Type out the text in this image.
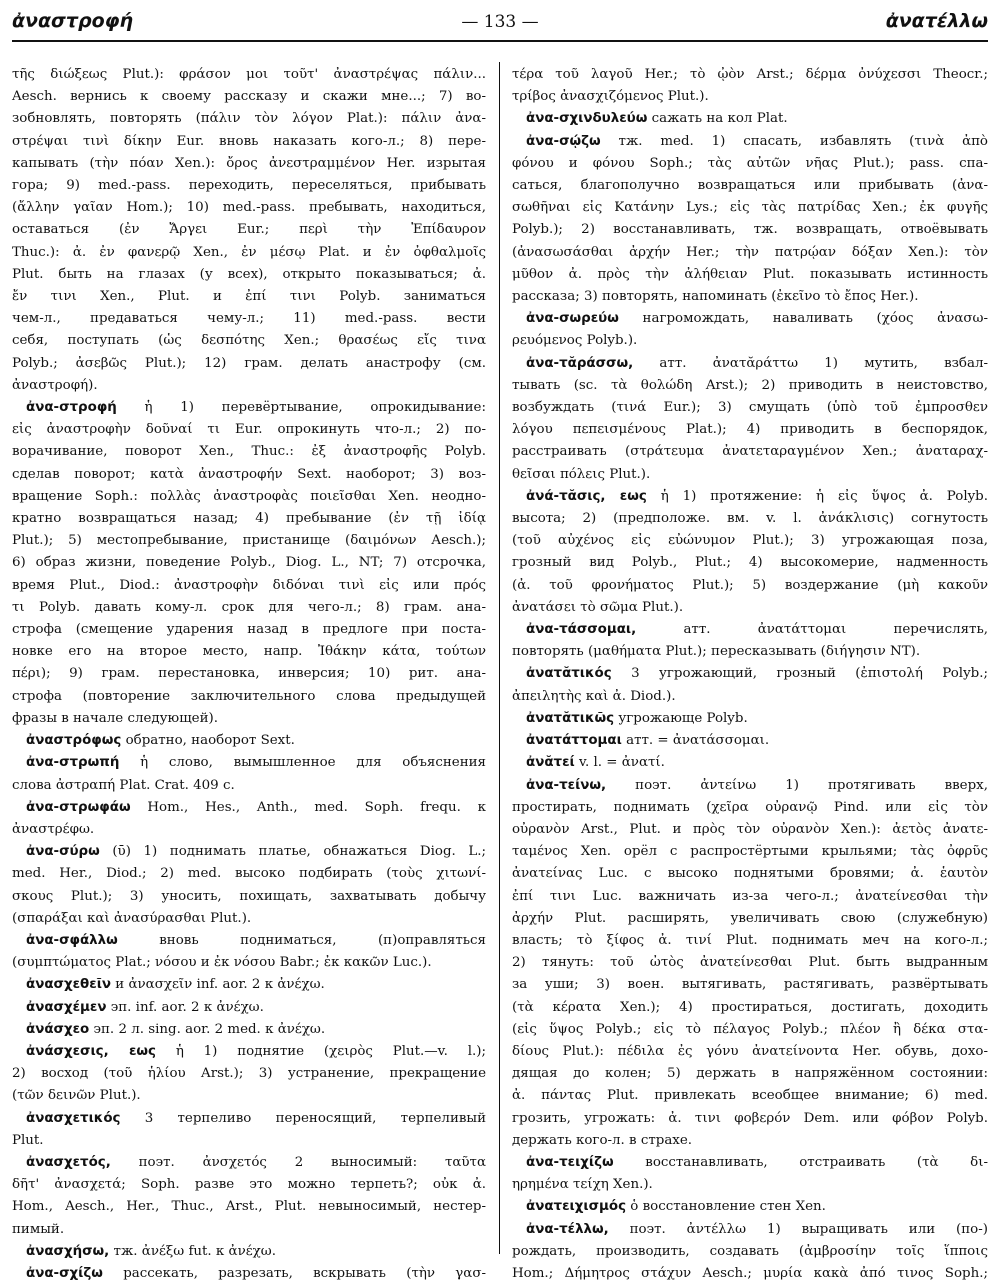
ἀναστροφή	— 133 —	ἀνατέλλω
τῆς διώξεως Plut.): φράσον μοι τοῦτ' ἀναστρέψας πάλιν...
Aesch. вернись к своему рассказу и скажи мне...; 7) во-
зобновлять, повторять (πάλιν τὸν λόγον Plat.): πάλιν ἀνα-
στρέψαι τινὶ δίκην Eur. вновь наказать кого-л.; 8) пере-
капывать (τὴν πόαν Xen.): ὄρος ἀνεστραμμένον Her. изрытая
гора; 9) med.-pass. переходить, переселяться, прибывать
(ἄλλην γαῖαν Hom.); 10) med.-pass. пребывать, находиться,
оставаться (ἐν Ἄργει Eur.; περὶ τὴν Ἐπίδαυρον
Thuc.): ἀ. ἐν φανερῷ Xen., ἐν μέσῳ Plat. и ἐν ὀφθαλμοῖς
Plut. быть на глазах (у всех), открыто показываться; ἀ.
ἔν τινι Xen., Plut. и ἐπί τινι Polyb. заниматься
чем-л., предаваться чему-л.; 11) med.-pass. вести
себя, поступать (ὡς δεσπότης Xen.; θρασέως εἴς τινα
Polyb.; ἀσεβῶς Plut.); 12) грам. делать анастрофу (см.
ἀναστροφή).
ἀνα-στροφή ἡ 1) перевёртывание, опрокидывание:
εἰς ἀναστροφὴν δοῦναί τι Eur. опрокинуть что-л.; 2) по-
ворачивание, поворот Xen., Thuc.: ἐξ ἀναστροφῆς Polyb.
сделав поворот; κατὰ ἀναστροφήν Sext. наоборот; 3) воз-
вращение Soph.: πολλὰς ἀναστροφὰς ποιεῖσθαι Xen. неодно-
кратно возвращаться назад; 4) пребывание (ἐν τῇ ἰδίᾳ
Plut.); 5) местопребывание, пристанище (δαιμόνων Aesch.);
6) образ жизни, поведение Polyb., Diog. L., NT; 7) отсрочка,
время Plut., Diod.: ἀναστροφὴν διδόναι τινὶ εἰς или πρός
τι Polyb. давать кому-л. срок для чего-л.; 8) грам. ана-
строфа (смещение ударения назад в предлоге при поста-
новке его на второе место, напр. Ἰθάκην κάτα, τούτων
πέρι); 9) грам. перестановка, инверсия; 10) рит. ана-
строфа (повторение заключительного слова предыдущей
фразы в начале следующей).
ἀναστρόφως обратно, наоборот Sext.
ἀνα-στρωπή ἡ слово, вымышленное для объяснения
слова ἀστραπή Plat. Crat. 409 c.
ἀνα-στρωφάω Hom., Hes., Anth., med. Soph. frequ. к
ἀναστρέφω.
ἀνα-σύρω (ῡ) 1) поднимать платье, обнажаться Diog. L.;
med. Her., Diod.; 2) med. высоко подбирать (τοὺς χιτωνί-
σκους Plut.); 3) уносить, похищать, захватывать добычу
(σπαράξαι καὶ ἀνασύρασθαι Plut.).
ἀνα-σφάλλω вновь подниматься, (п)оправляться
(συμπτώματος Plat.; νόσου и ἐκ νόσου Babr.; ἐκ κακῶν Luc.).
ἀνασχεθεῖν и ἀνασχεῖν inf. aor. 2 к ἀνέχω.
ἀνασχέμεν эп. inf. aor. 2 к ἀνέχω.
ἀνάσχεο эп. 2 л. sing. aor. 2 med. к ἀνέχω.
ἀνάσχεσις, εως ἡ 1) поднятие (χειρὸς Plut.—v. l.);
2) восход (τοῦ ἡλίου Arst.); 3) устранение, прекращение
(τῶν δεινῶν Plut.).
ἀνασχετικός 3 терпеливо переносящий, терпеливый
Plut.
ἀνασχετός, поэт. ἀνσχετός 2 выносимый: ταῦτα
δῆτ' ἀνασχετά; Soph. разве это можно терпеть?; οὐκ ἀ.
Hom., Aesch., Her., Thuc., Arst., Plut. невыносимый, нестер-
пимый.
ἀνασχήσω, тж. ἀνέξω fut. к ἀνέχω.
ἀνα-σχίζω рассекать, разрезать, вскрывать (τὴν γασ-
τέρα τοῦ λαγοῦ Her.; τὸ ᾠὸν Arst.; δέρμα ὀνύχεσσι Theocr.;
τρίβος ἀνασχιζόμενος Plut.).
ἀνα-σχινδυλεύω сажать на кол Plat.
ἀνα-σῴζω тж. med. 1) спасать, избавлять (τινὰ ἀπὸ
φόνου и φόνου Soph.; τὰς αὐτῶν νῆας Plut.); pass. спа-
саться, благополучно возвращаться или прибывать (ἀνα-
σωθῆναι εἰς Κατάνην Lys.; εἰς τὰς πατρίδας Xen.; ἐκ φυγῆς
Polyb.); 2) восстанавливать, тж. возвращать, отвоёвывать
(ἀνασωσάσθαι ἀρχήν Her.; τὴν πατρῴαν δόξαν Xen.): τὸν
μῦθον ἀ. πρὸς τὴν ἀλήθειαν Plut. показывать истинность
рассказа; 3) повторять, напоминать (ἐκεῖνο τὸ ἔπος Her.).
ἀνα-σωρεύω нагромождать, наваливать (χόος ἀνασω-
ρευόμενος Polyb.).
ἀνα-τᾰράσσω, атт. ἀνατᾰράττω 1) мутить, взбал-
тывать (sc. τὰ θολώδη Arst.); 2) приводить в неистовство,
возбуждать (τινά Eur.); 3) смущать (ὑπὸ τοῦ ἐμπροσθεν
λόγου πεπεισμένους Plat.); 4) приводить в беспорядок,
расстраивать (στράτευμα ἀνατεταραγμένον Xen.; ἀναταραχ-
θεῖσαι πόλεις Plut.).
ἀνά-τᾰσις, εως ἡ 1) протяжение: ἡ εἰς ὕψος ἀ. Polyb.
высота; 2) (предположе. вм. v. l. ἀνάκλισις) согнутость
(τοῦ αὐχένος εἰς εὐώνυμον Plut.); 3) угрожающая поза,
грозный вид Polyb., Plut.; 4) высокомерие, надменность
(ἀ. τοῦ φρονήματος Plut.); 5) воздержание (μὴ κακοῦν
ἀνατάσει τὸ σῶμα Plut.).
ἀνα-τάσσομαι, атт. ἀνατάττομαι перечислять,
повторять (μαθήματα Plut.); пересказывать (διήγησιν NT).
ἀνατᾰτικός 3 угрожающий, грозный (ἐπιστολή Polyb.;
ἀπειλητὴς καὶ ἀ. Diod.).
ἀνατᾰτικῶς угрожающе Polyb.
ἀνατάττομαι атт. = ἀνατάσσομαι.
ἀνᾰτεί v. l. = ἀνατί.
ἀνα-τείνω, поэт. ἀντείνω 1) протягивать вверх,
простирать, поднимать (χεῖρα οὐρανῷ Pind. или εἰς τὸν
οὐρανὸν Arst., Plut. и πρὸς τὸν οὐρανὸν Xen.): ἀετὸς ἀνατε-
ταμένος Xen. орёл с распростёртыми крыльями; τὰς ὀφρῦς
ἀνατείνας Luc. с высоко поднятыми бровями; ἀ. ἑαυτὸν
ἐπί τινι Luc. важничать из-за чего-л.; ἀνατείνεσθαι τὴν
ἀρχήν Plut. расширять, увеличивать свою (служебную)
власть; τὸ ξίφος ἀ. τινί Plut. поднимать меч на кого-л.;
2) тянуть: τοῦ ὠτὸς ἀνατείνεσθαι Plut. быть выдранным
за уши; 3) воен. вытягивать, растягивать, развёртывать
(τὰ κέρατα Xen.); 4) простираться, достигать, доходить
(εἰς ὕψος Polyb.; εἰς τὸ πέλαγος Polyb.; πλέον ἢ δέκα στα-
δίους Plut.): πέδιλα ἐς γόνυ ἀνατείνοντα Her. обувь, дохо-
дящая до колен; 5) держать в напряжённом состоянии:
ἀ. πάντας Plut. привлекать всеобщее внимание; 6) med.
грозить, угрожать: ἀ. τινι φοβερόν Dem. или φόβον Polyb.
держать кого-л. в страхе.
ἀνα-τειχίζω восстанавливать, отстраивать (τὰ δι-
ηρημένα τείχη Xen.).
ἀνατειχισμός ὁ восстановление стен Xen.
ἀνα-τέλλω, поэт. ἀντέλλω 1) выращивать или (по-)
рождать, производить, создавать (ἀμβροσίην τοῖς ἵπποις
Hom.; Δήμητρος στάχυν Aesch.; μυρία κακὰ ἀπό τινος Soph.;
